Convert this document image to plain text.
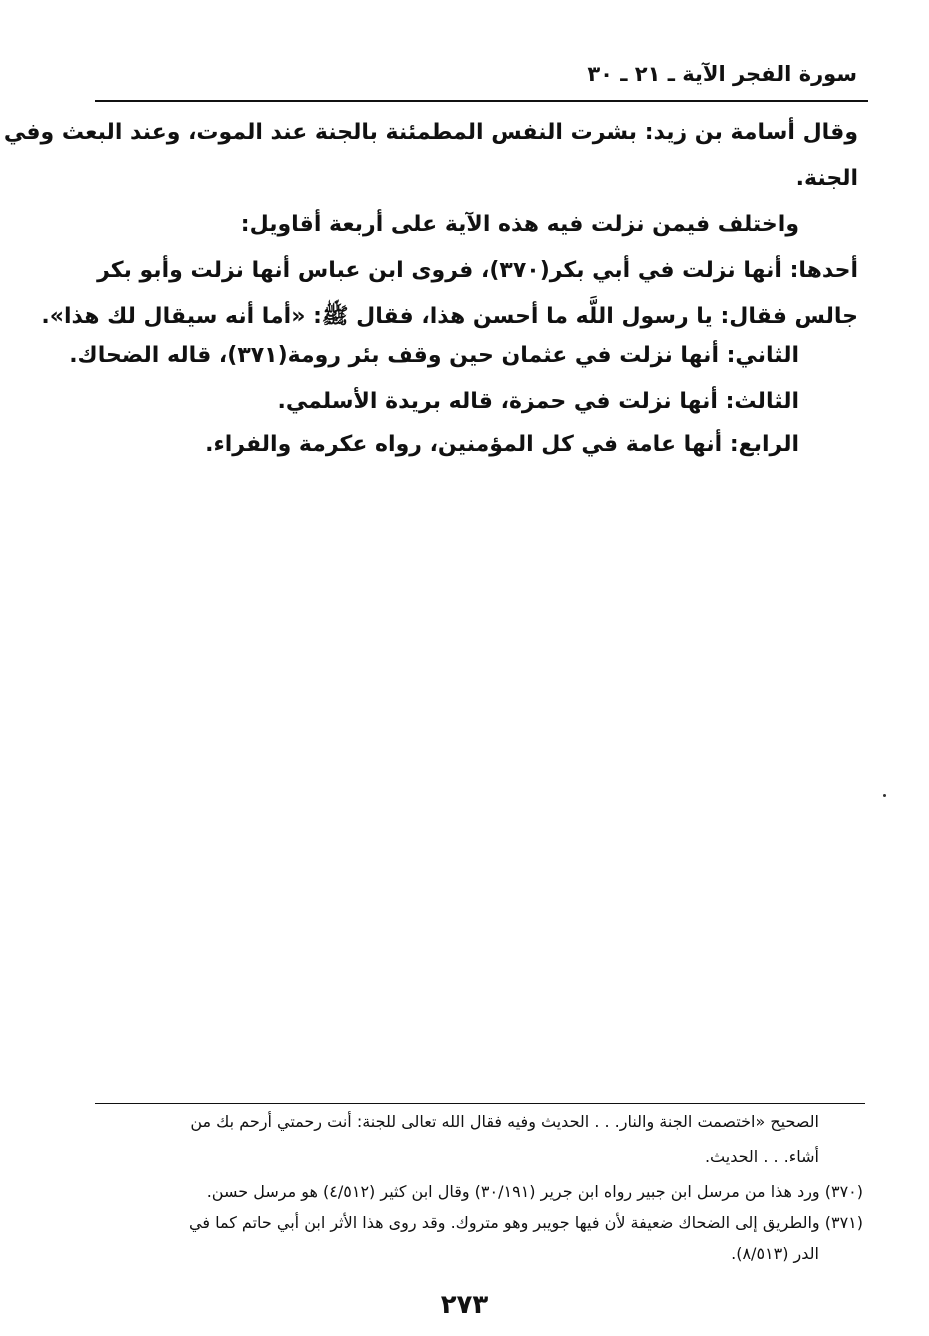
سورة الفجر الآية ـ ٢١ ـ ٣٠
وقال أسامة بن زيد: بشرت النفس المطمئنة بالجنة عند الموت، وعند البعث وفي
الجنة.
واختلف فيمن نزلت فيه هذه الآية على أربعة أقاويل:
أحدها: أنها نزلت في أبي بكر(٣٧٠)، فروى ابن عباس أنها نزلت وأبو بكر
جالس فقال: يا رسول اللَّه ما أحسن هذا، فقال ﷺ: «أما أنه سيقال لك هذا».
الثاني: أنها نزلت في عثمان حين وقف بئر رومة(٣٧١)، قاله الضحاك.
الثالث: أنها نزلت في حمزة، قاله بريدة الأسلمي.
الرابع: أنها عامة في كل المؤمنين، رواه عكرمة والفراء.
الصحيح «اختصمت الجنة والنار. . . الحديث وفيه فقال الله تعالى للجنة: أنت رحمتي أرحم بك من
أشاء. . . الحديث.
(٣٧٠) ورد هذا من مرسل ابن جبير رواه ابن جرير (٣٠/١٩١) وقال ابن كثير (٤/٥١٢) هو مرسل حسن.
(٣٧١) والطريق إلى الضحاك ضعيفة لأن فيها جويبر وهو متروك. وقد روى هذا الأثر ابن أبي حاتم كما في
الدر (٨/٥١٣).
٢٧٣
